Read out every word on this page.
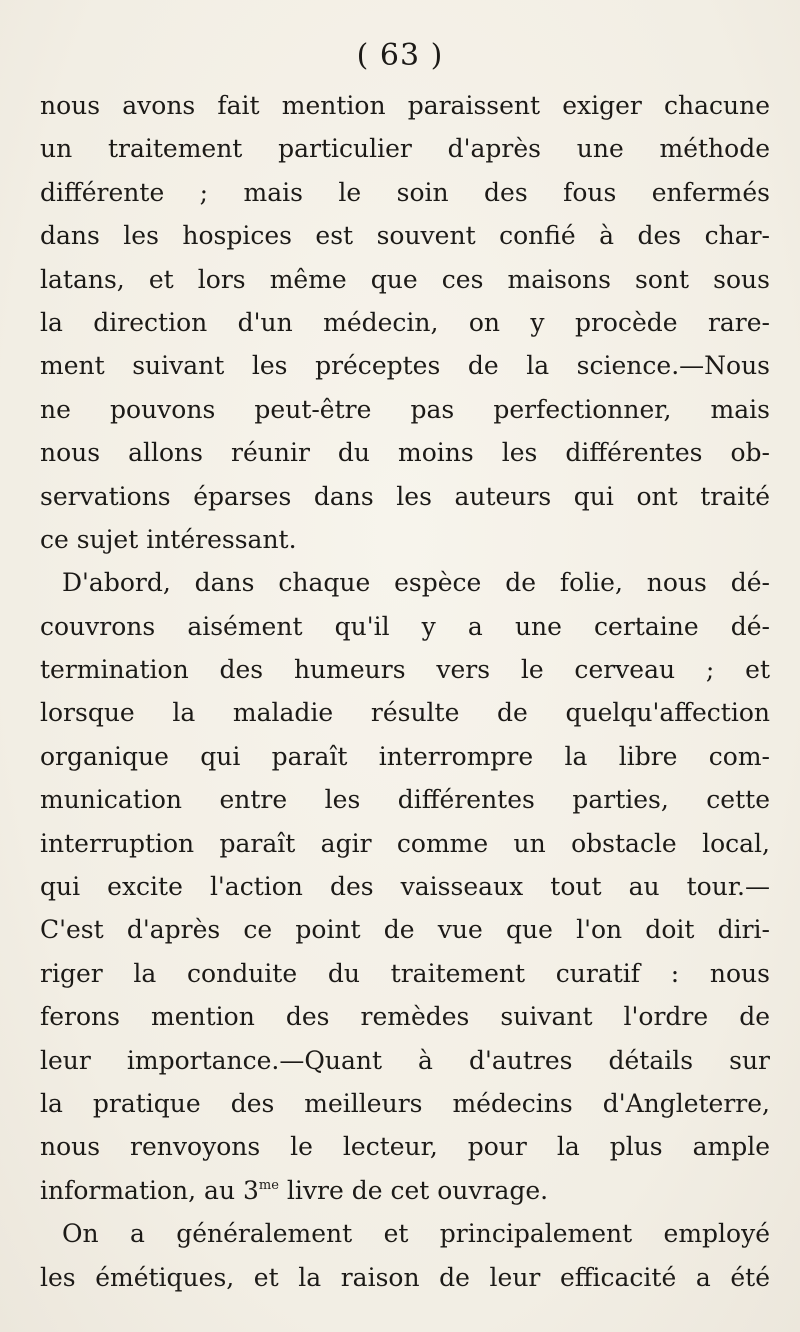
( 63 )
nous avons fait mention paraissent exiger chacune
un traitement particulier d'après une méthode
différente ; mais le soin des fous enfermés
dans les hospices est souvent confié à des char-
latans, et lors même que ces maisons sont sous
la direction d'un médecin, on y procède rare-
ment suivant les préceptes de la science.—Nous
ne pouvons peut-être pas perfectionner, mais
nous allons réunir du moins les différentes ob-
servations éparses dans les auteurs qui ont traité
ce sujet intéressant.
D'abord, dans chaque espèce de folie, nous dé-
couvrons aisément qu'il y a une certaine dé-
termination des humeurs vers le cerveau ; et
lorsque la maladie résulte de quelqu'affection
organique qui paraît interrompre la libre com-
munication entre les différentes parties, cette
interruption paraît agir comme un obstacle local,
qui excite l'action des vaisseaux tout au tour.—
C'est d'après ce point de vue que l'on doit diri-
riger la conduite du traitement curatif : nous
ferons mention des remèdes suivant l'ordre de
leur importance.—Quant à d'autres détails sur
la pratique des meilleurs médecins d'Angleterre,
nous renvoyons le lecteur, pour la plus ample
information, au $3^{me}$ livre de cet ouvrage.
On a généralement et principalement employé
les émétiques, et la raison de leur efficacité a été
